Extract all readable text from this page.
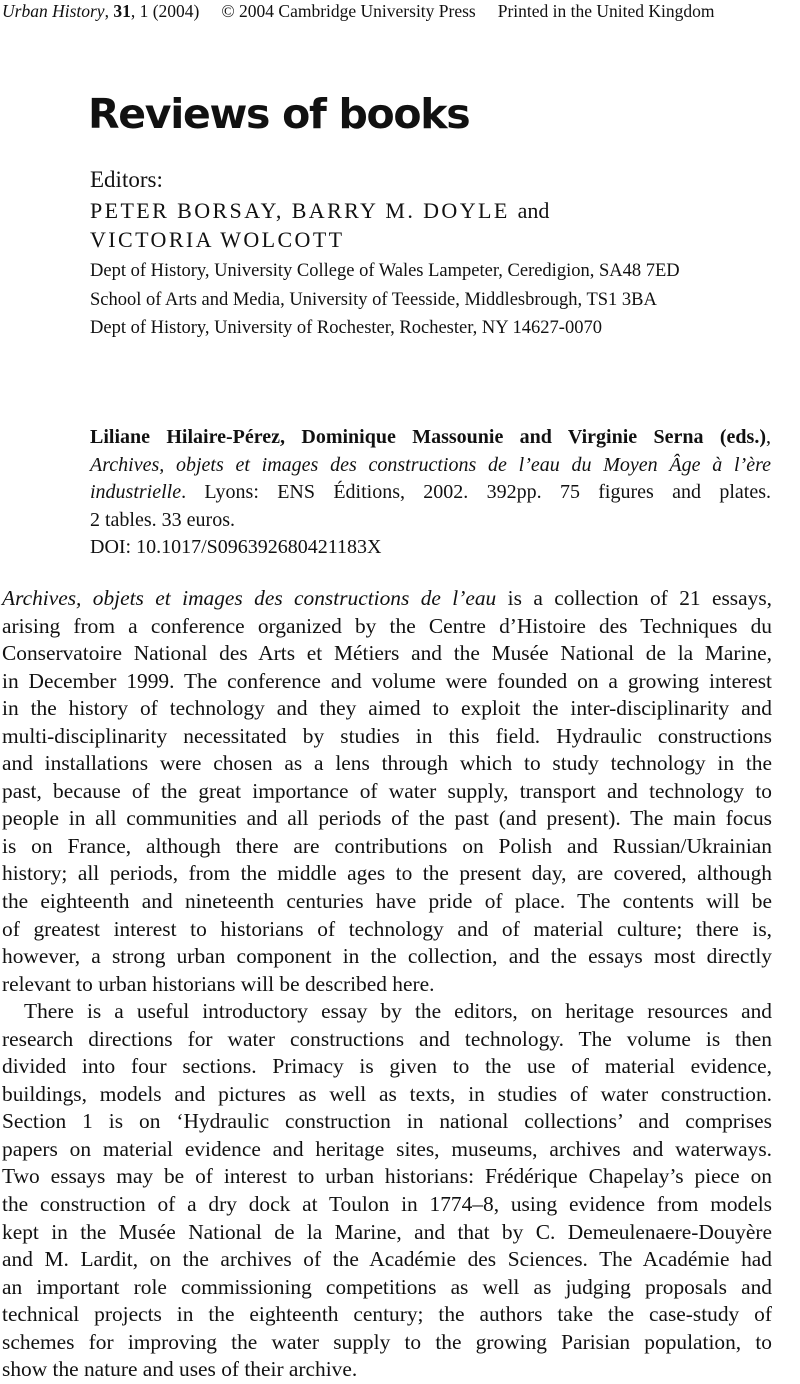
Urban History, 31, 1 (2004) © 2004 Cambridge University Press Printed in the United Kingdom
Reviews of books
Editors:
PETER BORSAY, BARRY M. DOYLE and
VICTORIA WOLCOTT
Dept of History, University College of Wales Lampeter, Ceredigion, SA48 7ED
School of Arts and Media, University of Teesside, Middlesbrough, TS1 3BA
Dept of History, University of Rochester, Rochester, NY 14627-0070
Liliane Hilaire-Pérez, Dominique Massounie and Virginie Serna (eds.),
Archives, objets et images des constructions de l’eau du Moyen Âge à l’ère
industrielle. Lyons: ENS Éditions, 2002. 392pp. 75 figures and plates.
2 tables. 33 euros.
DOI: 10.1017/S096392680421183X

Archives, objets et images des constructions de l’eau is a collection of 21 essays,
arising from a conference organized by the Centre d’Histoire des Techniques du
Conservatoire National des Arts et Métiers and the Musée National de la Marine,
in December 1999. The conference and volume were founded on a growing interest
in the history of technology and they aimed to exploit the inter-disciplinarity and
multi-disciplinarity necessitated by studies in this field. Hydraulic constructions
and installations were chosen as a lens through which to study technology in the
past, because of the great importance of water supply, transport and technology to
people in all communities and all periods of the past (and present). The main focus
is on France, although there are contributions on Polish and Russian/Ukrainian
history; all periods, from the middle ages to the present day, are covered, although
the eighteenth and nineteenth centuries have pride of place. The contents will be
of greatest interest to historians of technology and of material culture; there is,
however, a strong urban component in the collection, and the essays most directly
relevant to urban historians will be described here.

There is a useful introductory essay by the editors, on heritage resources and
research directions for water constructions and technology. The volume is then
divided into four sections. Primacy is given to the use of material evidence,
buildings, models and pictures as well as texts, in studies of water construction.
Section 1 is on ‘Hydraulic construction in national collections’ and comprises
papers on material evidence and heritage sites, museums, archives and waterways.
Two essays may be of interest to urban historians: Frédérique Chapelay’s piece on
the construction of a dry dock at Toulon in 1774–8, using evidence from models
kept in the Musée National de la Marine, and that by C. Demeulenaere-Douyère
and M. Lardit, on the archives of the Académie des Sciences. The Académie had
an important role commissioning competitions as well as judging proposals and
technical projects in the eighteenth century; the authors take the case-study of
schemes for improving the water supply to the growing Parisian population, to
show the nature and uses of their archive.
